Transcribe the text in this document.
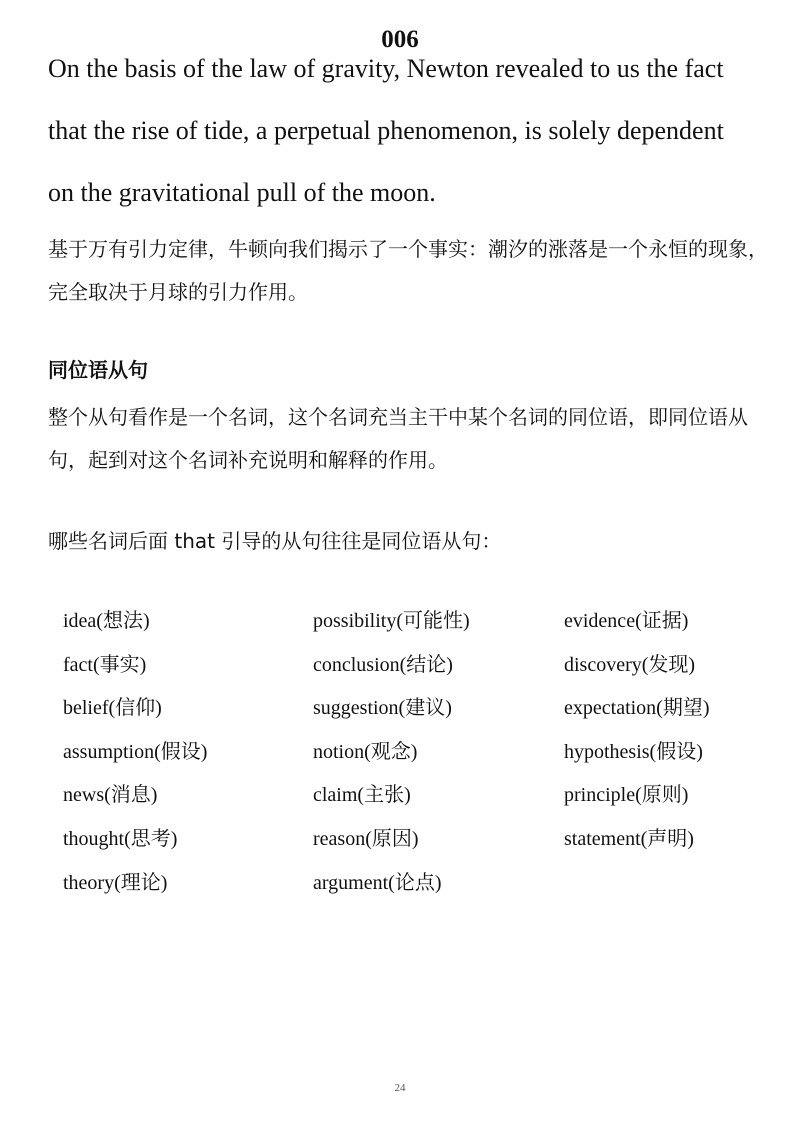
006

On the basis of the law of gravity, Newton revealed to us the fact
that the rise of tide, a perpetual phenomenon, is solely dependent
on the gravitational pull of the moon.

基于万有引力定律，牛顿向我们揭示了一个事实：潮汐的涨落是一个永恒的现象，完全取决于月球的引力作用。

同位语从句

整个从句看作是一个名词，这个名词充当主干中某个名词的同位语，即同位语从句，起到对这个名词补充说明和解释的作用。

哪些名词后面 that 引导的从句往往是同位语从句：

idea(想法)	possibility(可能性)	evidence(证据)
fact(事实)	conclusion(结论)	discovery(发现)
belief(信仰)	suggestion(建议)	expectation(期望)
assumption(假设)	notion(观念)	hypothesis(假设)
news(消息)	claim(主张)	principle(原则)
thought(思考)	reason(原因)	statement(声明)
theory(理论)	argument(论点)
24
